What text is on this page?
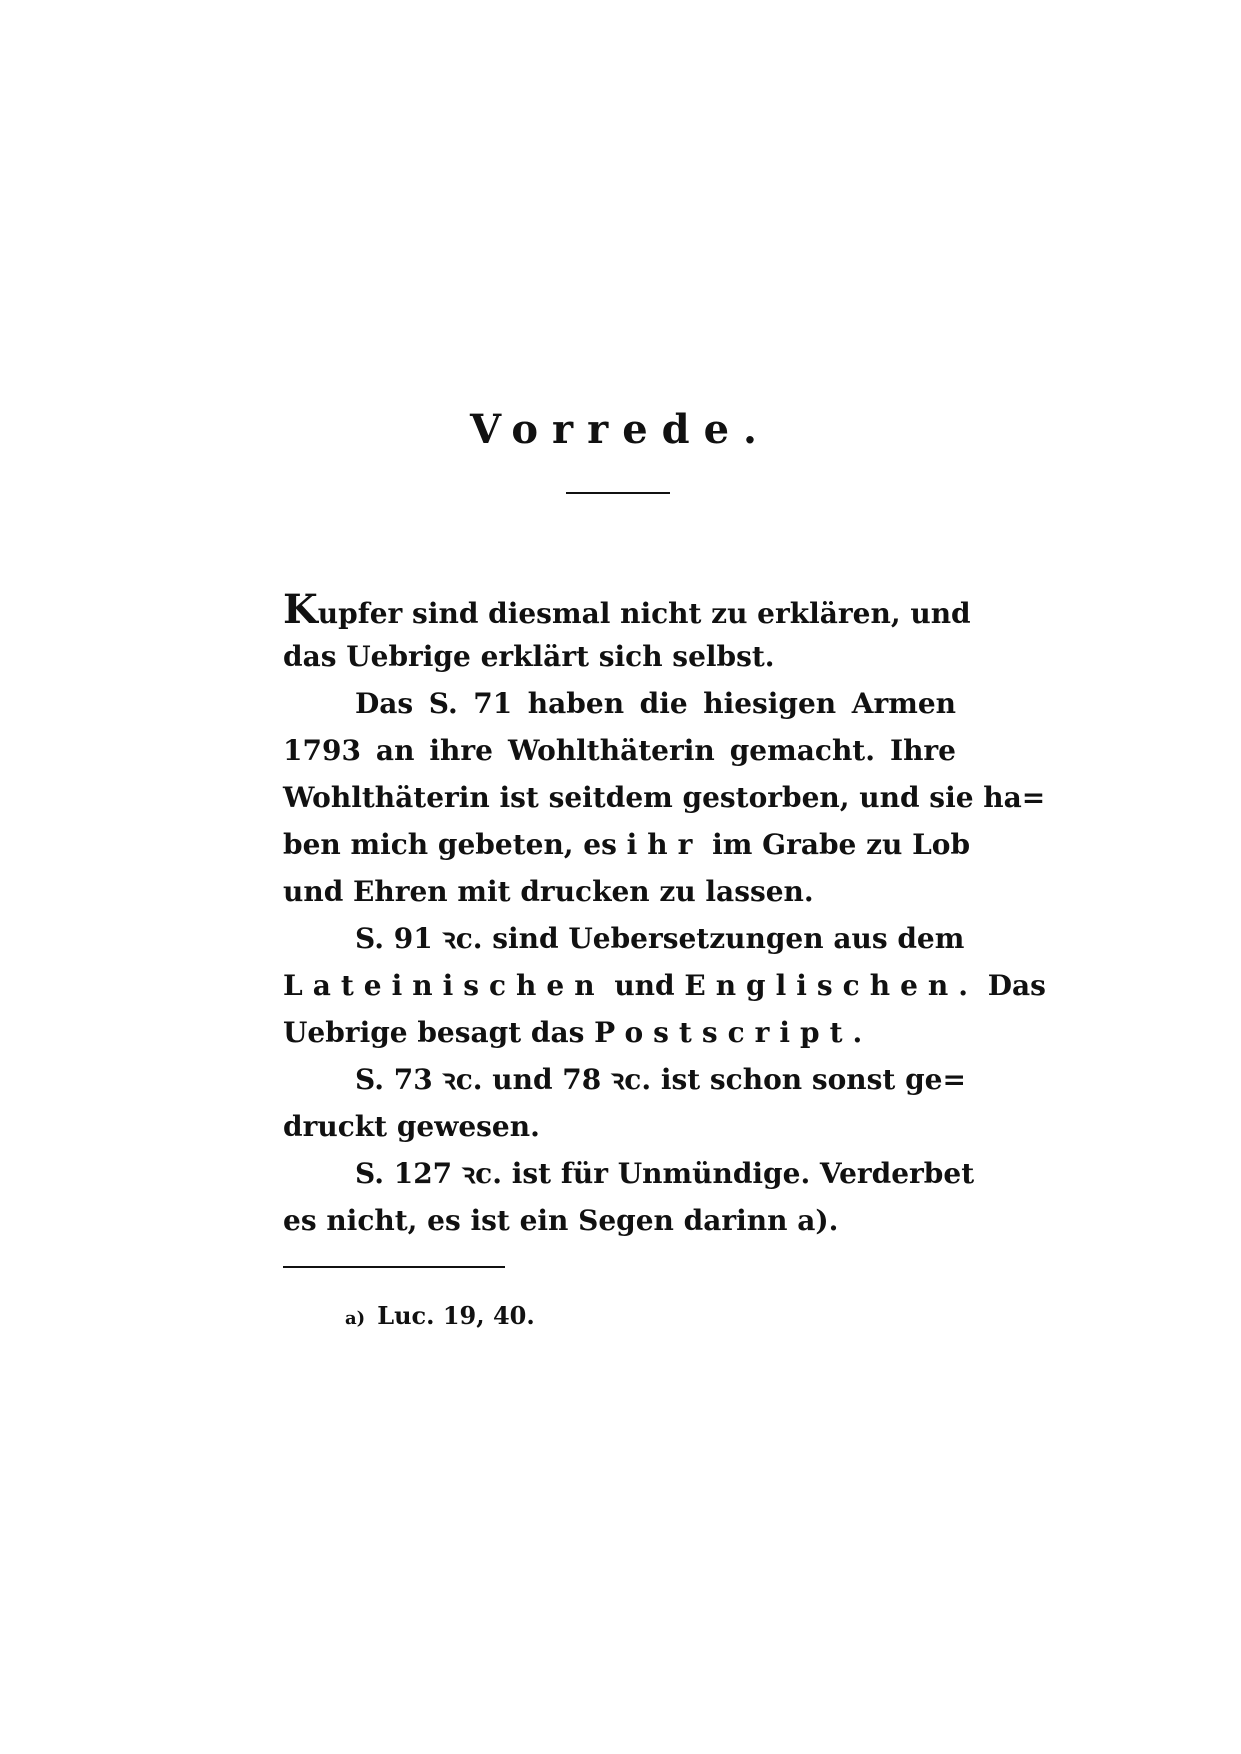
Vorrede.
Kupfer sind diesmal nicht zu erklären, und
das Uebrige erklärt sich selbst.
Das S. 71 haben die hiesigen Armen
1793 an ihre Wohlthäterin gemacht. Ihre
Wohlthäterin ist seitdem gestorben, und sie ha=
ben mich gebeten, es ihr im Grabe zu Lob
und Ehren mit drucken zu lassen.
S. 91 ꝛc. sind Uebersetzungen aus dem
Lateinischen und Englischen. Das
Uebrige besagt das Postscript.
S. 73 ꝛc. und 78 ꝛc. ist schon sonst ge=
druckt gewesen.
S. 127 ꝛc. ist für Unmündige. Verderbet
es nicht, es ist ein Segen darinn a).
a) Luc. 19, 40.
